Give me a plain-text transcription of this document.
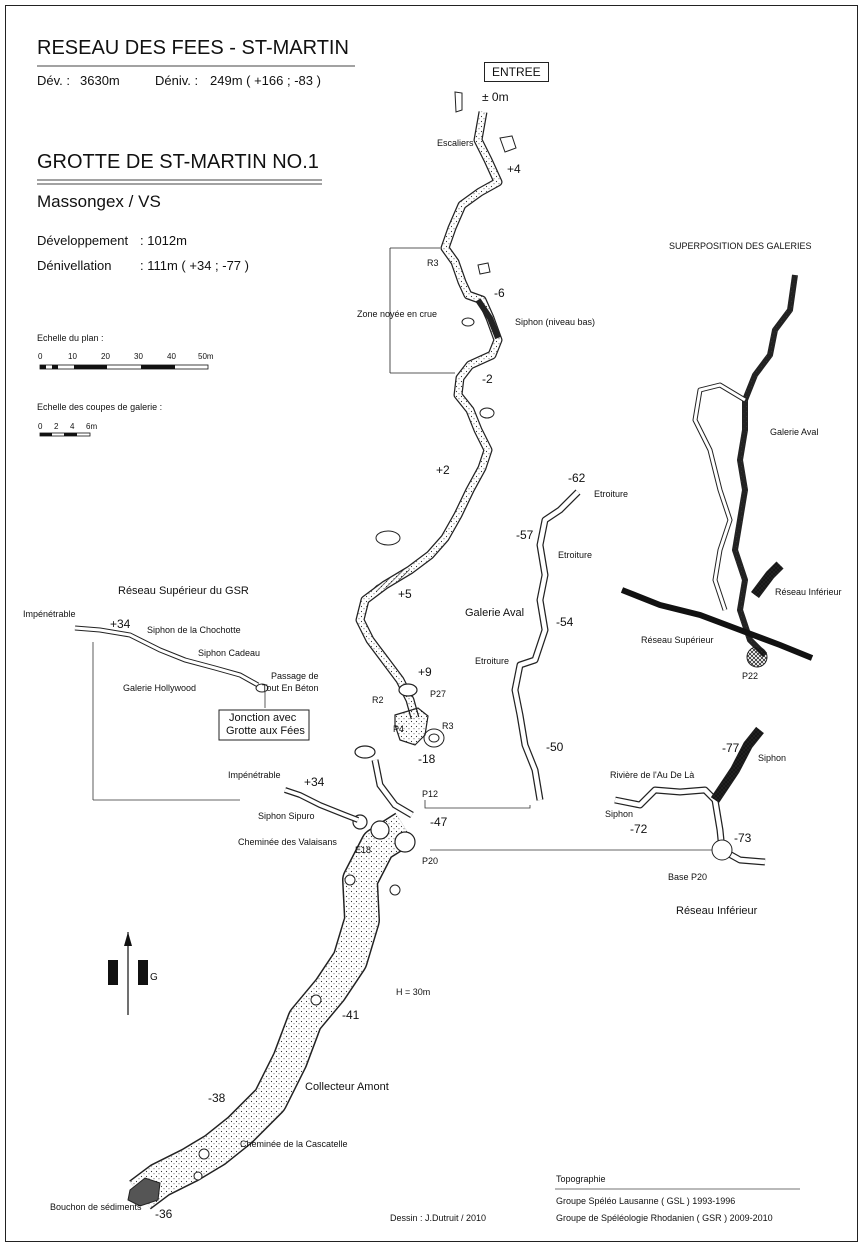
RESEAU DES FEES - ST-MARTIN
Dév. : 3630m	Déniv. : 249m ( +166 ; -83 )
GROTTE DE ST-MARTIN NO.1
Massongex / VS
Développement : 1012m
Dénivellation : 111m ( +34 ; -77 )
Echelle du plan :
0	10	20	30	40	50m
Echelle des coupes de galerie :
0 2 4 6m
ENTREE
± 0m
+4
-6
-2
+2
+5
+9
-18
-47
-41
-38
-36
+34
+34
-62
-57
-54
-50	-77
-72
-73
Escaliers
R3
Zone noyée en crue
Siphon (niveau bas)
P27
R2
P4	R3
P12
E18
P20
H = 30m
Collecteur Amont
Cheminée de la Cascatelle
Bouchon de sédiments
Réseau Supérieur du GSR
Impénétrable
Siphon de la Chochotte
Siphon Cadeau
Galerie Hollywood
Passage de
Tout En Béton
Jonction avec
Grotte aux Fées
Impénétrable
Siphon Sipuro
Cheminée des Valaisans
Etroiture
Etroiture
Etroiture
Galerie Aval
SUPERPOSITION DES GALERIES
Galerie Aval
Réseau Inférieur
Réseau Supérieur
P22
Rivière de l'Au De Là
Siphon
Siphon
Base P20
Réseau Inférieur
G
Topographie
Groupe Spéléo Lausanne ( GSL ) 1993-1996
Groupe de Spéléologie Rhodanien ( GSR ) 2009-2010
Dessin : J.Dutruit / 2010
